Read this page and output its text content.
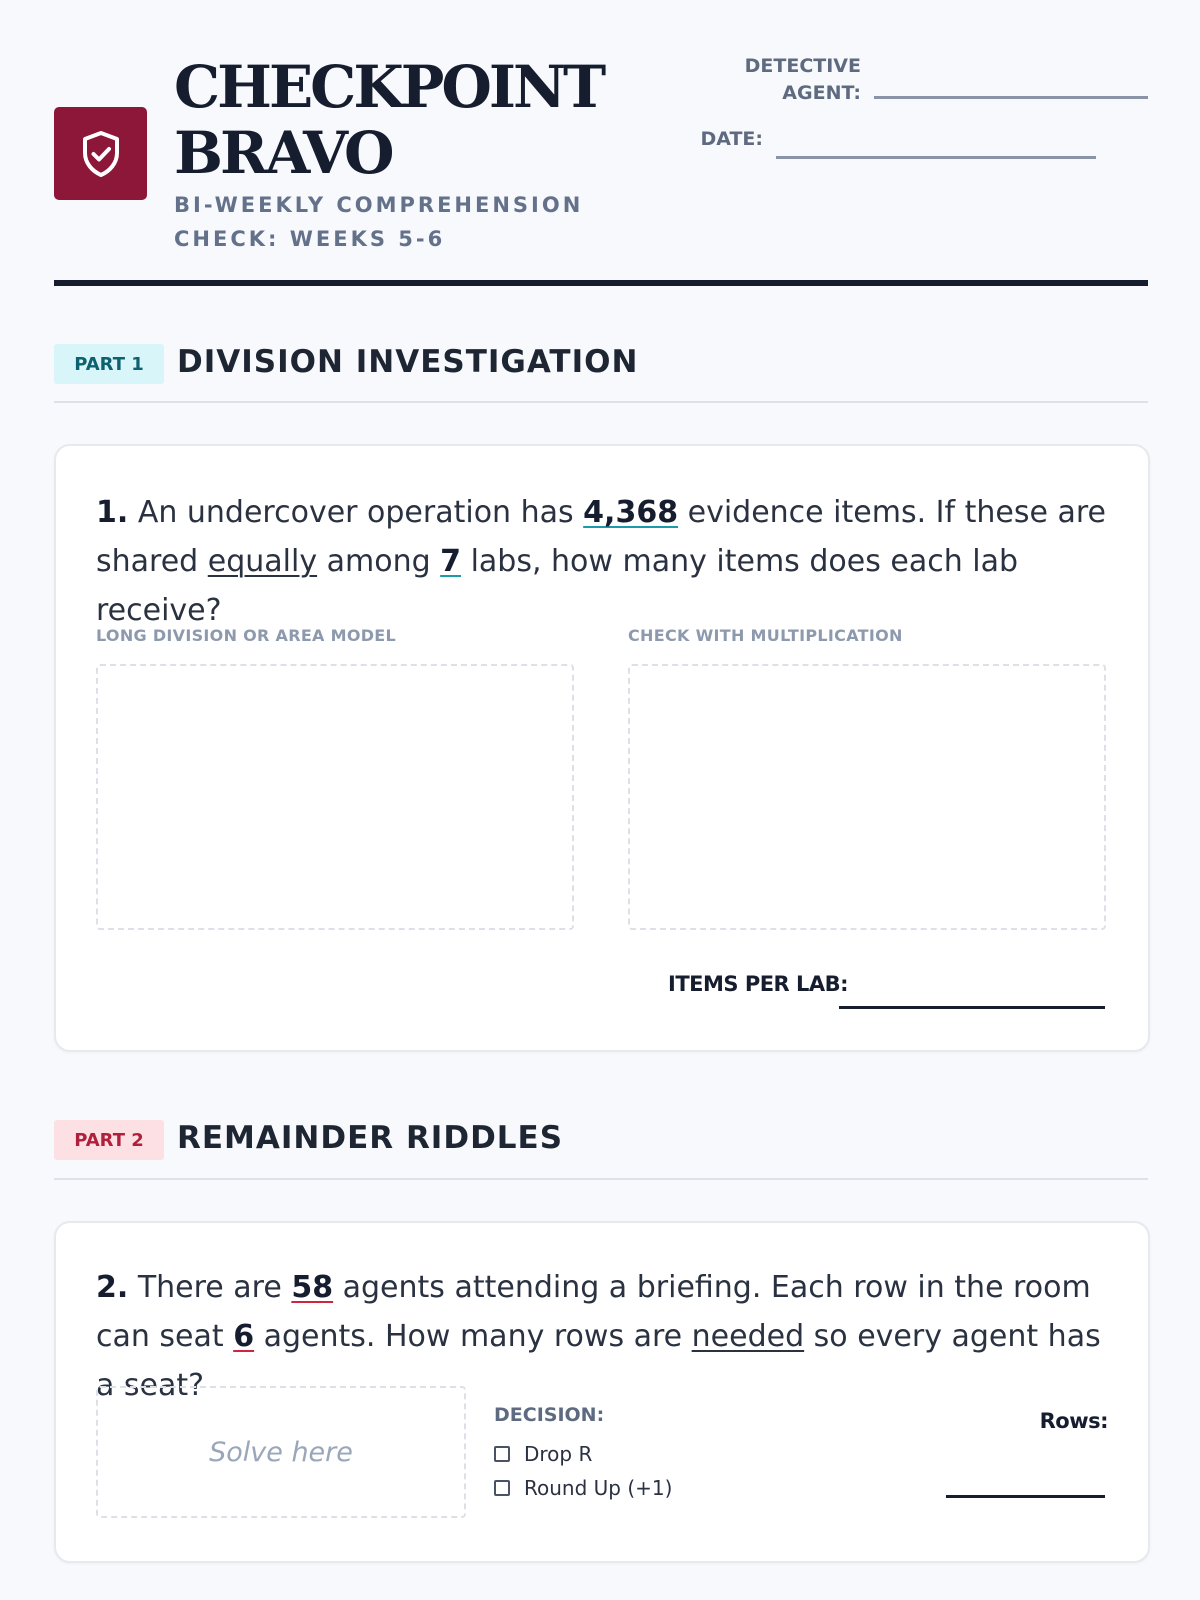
CHECKPOINT
BRAVO
BI-WEEKLY COMPREHENSION CHECK: WEEKS 5-6
DETECTIVE
AGENT:
DATE:
PART 1	DIVISION INVESTIGATION
1. An undercover operation has 4,368 evidence items. If these are shared equally among 7 labs, how many items does each lab receive?
LONG DIVISION OR AREA MODEL	CHECK WITH MULTIPLICATION
ITEMS PER LAB:
PART 2	REMAINDER RIDDLES
2. There are 58 agents attending a briefing. Each row in the room can seat 6 agents. How many rows are needed so every agent has a seat?
Solve here
DECISION:
Drop R
Round Up (+1)
Rows:
